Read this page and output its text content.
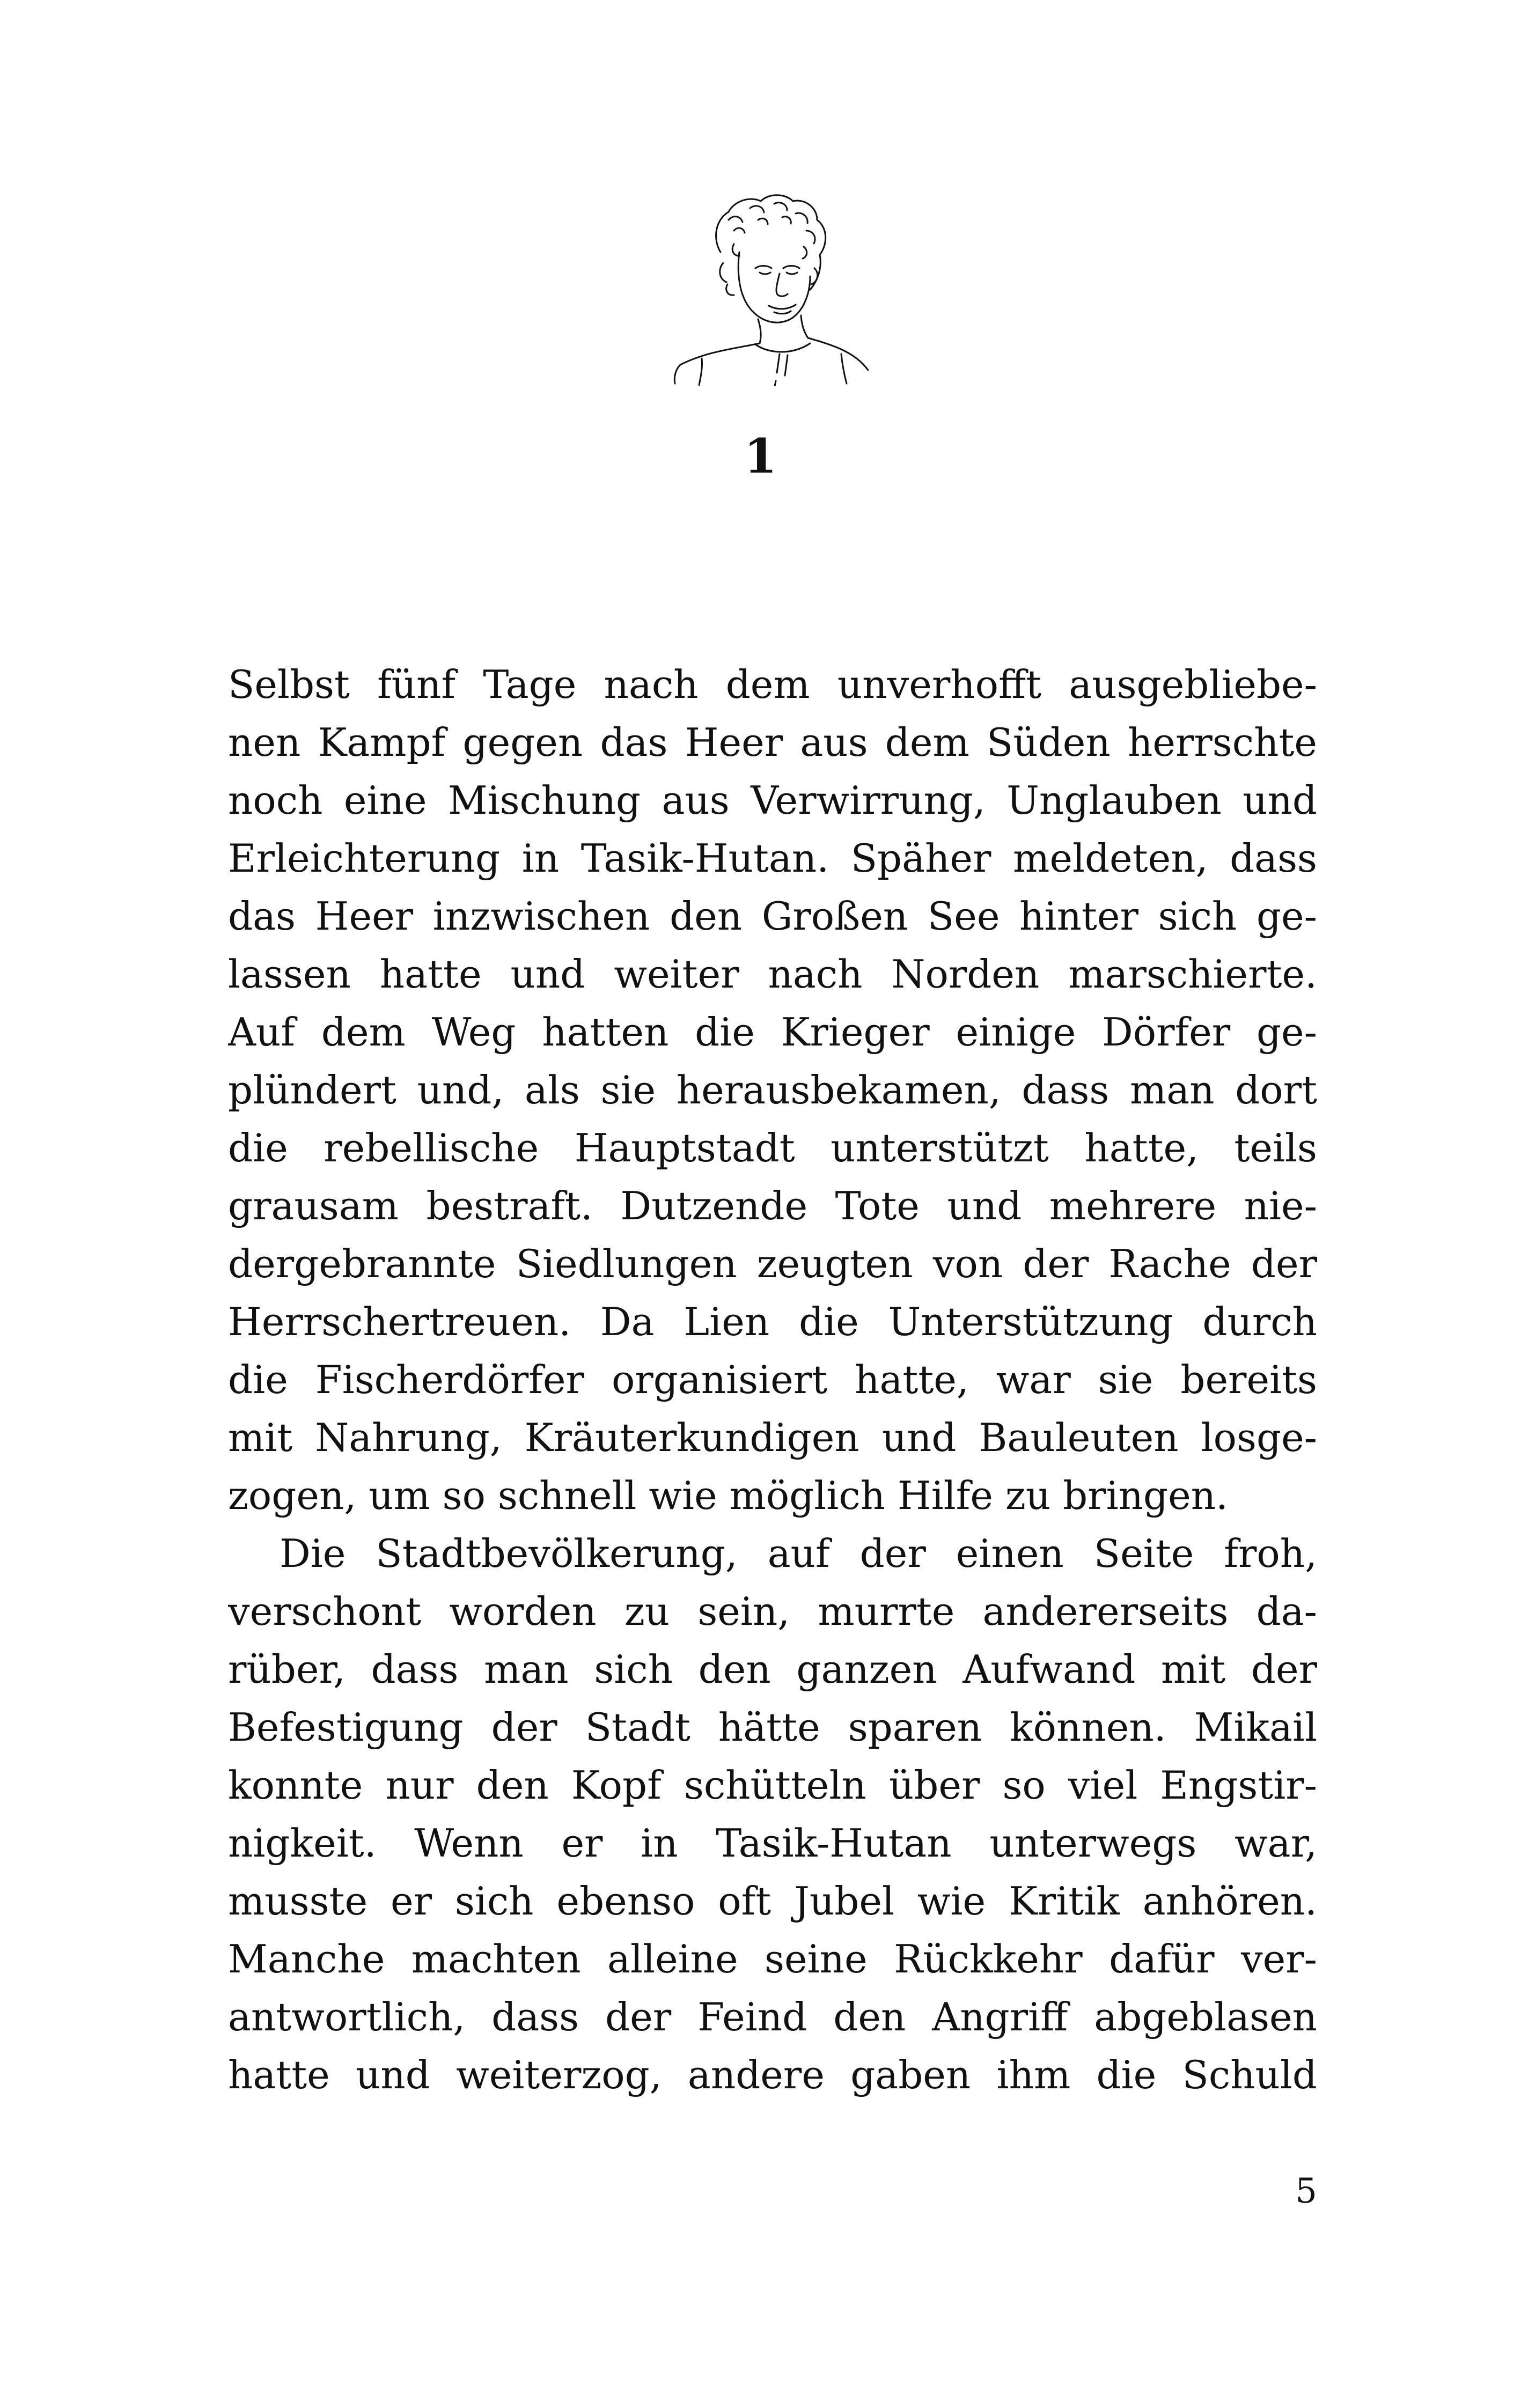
1

Selbst fünf Tage nach dem unverhofft ausgebliebe-
nen Kampf gegen das Heer aus dem Süden herrschte
noch eine Mischung aus Verwirrung, Unglauben und
Erleichterung in Tasik-Hutan. Späher meldeten, dass
das Heer inzwischen den Großen See hinter sich ge-
lassen hatte und weiter nach Norden marschierte.
Auf dem Weg hatten die Krieger einige Dörfer ge-
plündert und, als sie herausbekamen, dass man dort
die rebellische Hauptstadt unterstützt hatte, teils
grausam bestraft. Dutzende Tote und mehrere nie-
dergebrannte Siedlungen zeugten von der Rache der
Herrschertreuen. Da Lien die Unterstützung durch
die Fischerdörfer organisiert hatte, war sie bereits
mit Nahrung, Kräuterkundigen und Bauleuten losge-
zogen, um so schnell wie möglich Hilfe zu bringen.

Die Stadtbevölkerung, auf der einen Seite froh,
verschont worden zu sein, murrte andererseits da-
rüber, dass man sich den ganzen Aufwand mit der
Befestigung der Stadt hätte sparen können. Mikail
konnte nur den Kopf schütteln über so viel Engstir-
nigkeit. Wenn er in Tasik-Hutan unterwegs war,
musste er sich ebenso oft Jubel wie Kritik anhören.
Manche machten alleine seine Rückkehr dafür ver-
antwortlich, dass der Feind den Angriff abgeblasen
hatte und weiterzog, andere gaben ihm die Schuld

5
